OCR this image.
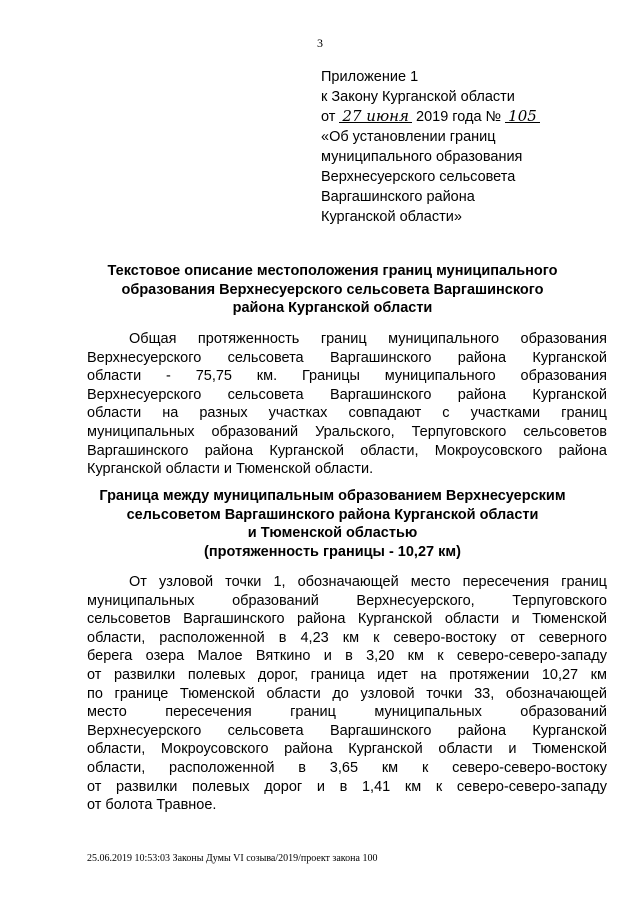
3
Приложение 1
к Закону Курганской области
от 27 июня 2019 года № 105
«Об установлении границ
муниципального образования
Верхнесуерского сельсовета
Варгашинского района
Курганской области»
Текстовое описание местоположения границ муниципального
образования Верхнесуерского сельсовета Варгашинского
района Курганской области
Общая протяженность границ муниципального образования
Верхнесуерского сельсовета Варгашинского района Курганской
области - 75,75 км. Границы муниципального образования
Верхнесуерского сельсовета Варгашинского района Курганской
области на разных участках совпадают с участками границ
муниципальных образований Уральского, Терпуговского сельсоветов
Варгашинского района Курганской области, Мокроусовского района
Курганской области и Тюменской области.
Граница между муниципальным образованием Верхнесуерским
сельсоветом Варгашинского района Курганской области
и Тюменской областью
(протяженность границы - 10,27 км)
От узловой точки 1, обозначающей место пересечения границ
муниципальных образований Верхнесуерского, Терпуговского
сельсоветов Варгашинского района Курганской области и Тюменской
области, расположенной в 4,23 км к северо-востоку от северного
берега озера Малое Вяткино и в 3,20 км к северо-северо-западу
от развилки полевых дорог, граница идет на протяжении 10,27 км
по границе Тюменской области до узловой точки 33, обозначающей
место пересечения границ муниципальных образований
Верхнесуерского сельсовета Варгашинского района Курганской
области, Мокроусовского района Курганской области и Тюменской
области, расположенной в 3,65 км к северо-северо-востоку
от развилки полевых дорог и в 1,41 км к северо-северо-западу
от болота Травное.
25.06.2019 10:53:03 Законы Думы VI созыва/2019/проект закона 100
